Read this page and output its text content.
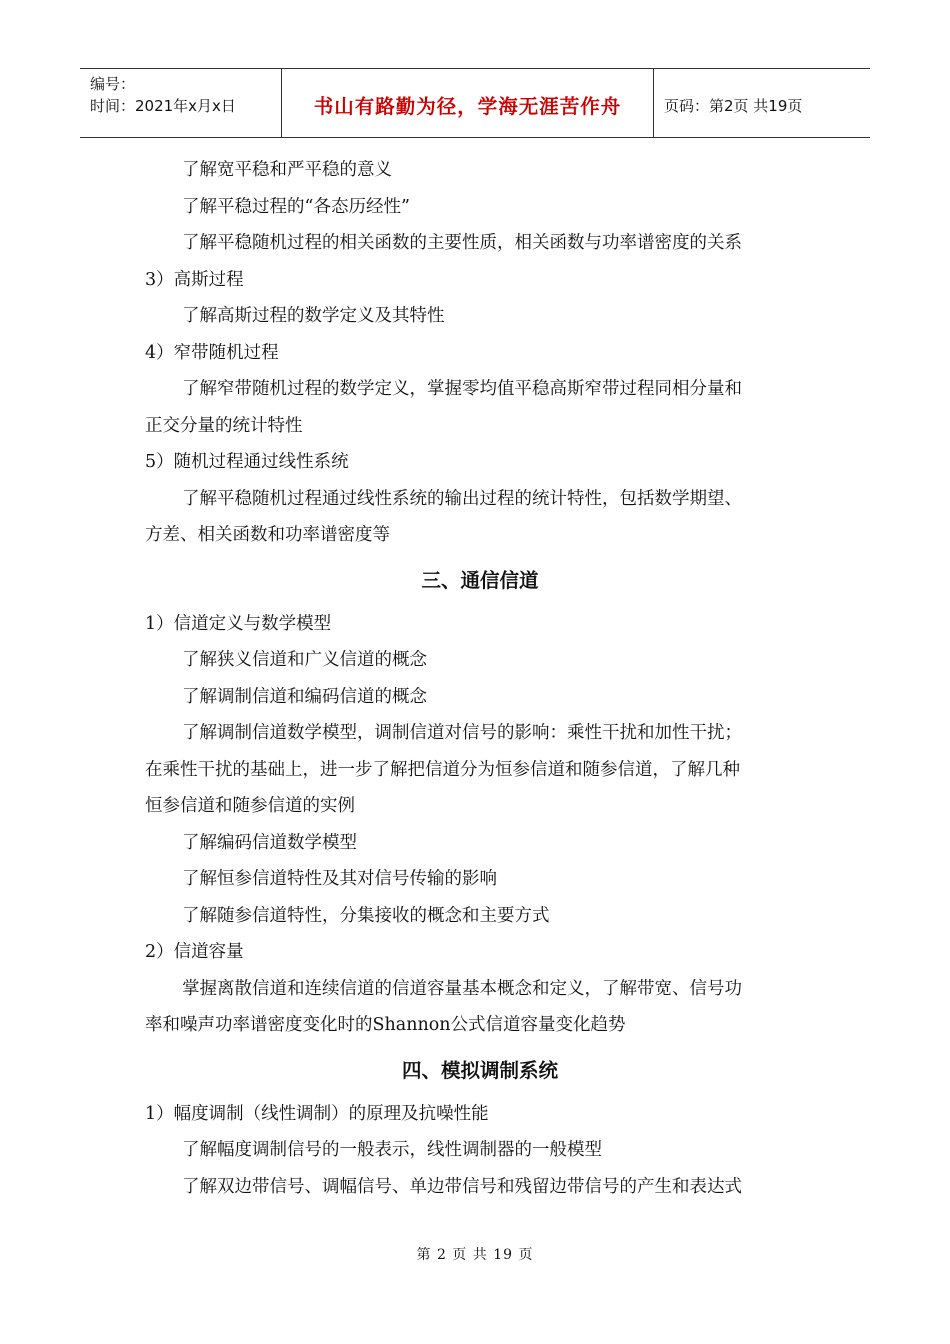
编号：
时间：2021年x月x日	书山有路勤为径，学海无涯苦作舟	页码：第2页 共19页
了解宽平稳和严平稳的意义
了解平稳过程的“各态历经性”
了解平稳随机过程的相关函数的主要性质，相关函数与功率谱密度的关系
3）高斯过程
了解高斯过程的数学定义及其特性
4）窄带随机过程
了解窄带随机过程的数学定义，掌握零均值平稳高斯窄带过程同相分量和
正交分量的统计特性
5）随机过程通过线性系统
了解平稳随机过程通过线性系统的输出过程的统计特性，包括数学期望、
方差、相关函数和功率谱密度等
三、通信信道
1）信道定义与数学模型
了解狭义信道和广义信道的概念
了解调制信道和编码信道的概念
了解调制信道数学模型，调制信道对信号的影响：乘性干扰和加性干扰；
在乘性干扰的基础上，进一步了解把信道分为恒参信道和随参信道，了解几种
恒参信道和随参信道的实例
了解编码信道数学模型
了解恒参信道特性及其对信号传输的影响
了解随参信道特性，分集接收的概念和主要方式
2）信道容量
掌握离散信道和连续信道的信道容量基本概念和定义，了解带宽、信号功
率和噪声功率谱密度变化时的Shannon公式信道容量变化趋势
四、模拟调制系统
1）幅度调制（线性调制）的原理及抗噪性能
了解幅度调制信号的一般表示，线性调制器的一般模型
了解双边带信号、调幅信号、单边带信号和残留边带信号的产生和表达式
第 2 页 共 19 页
